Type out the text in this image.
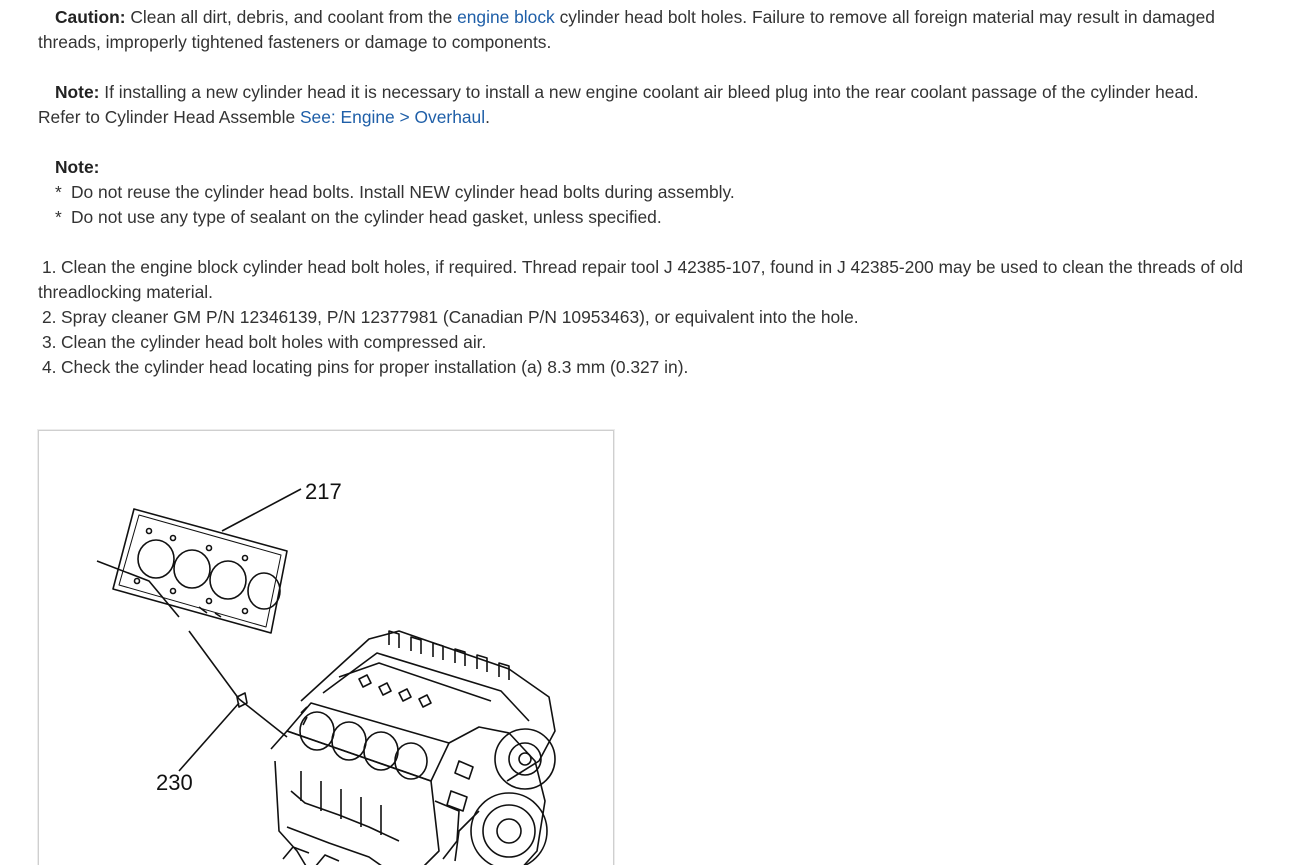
Caution: Clean all dirt, debris, and coolant from the engine block cylinder head bolt holes. Failure to remove all foreign material may result in damaged

threads, improperly tightened fasteners or damage to components.

Note: If installing a new cylinder head it is necessary to install a new engine coolant air bleed plug into the rear coolant passage of the cylinder head.

Refer to Cylinder Head Assemble See: Engine > Overhaul.

Note:

* Do not reuse the cylinder head bolts. Install NEW cylinder head bolts during assembly.

* Do not use any type of sealant on the cylinder head gasket, unless specified.

1. Clean the engine block cylinder head bolt holes, if required. Thread repair tool J 42385-107, found in J 42385-200 may be used to clean the threads of old

threadlocking material.

2. Spray cleaner GM P/N 12346139, P/N 12377981 (Canadian P/N 10953463), or equivalent into the hole.

3. Clean the cylinder head bolt holes with compressed air.

4. Check the cylinder head locating pins for proper installation (a) 8.3 mm (0.327 in).

217
230
